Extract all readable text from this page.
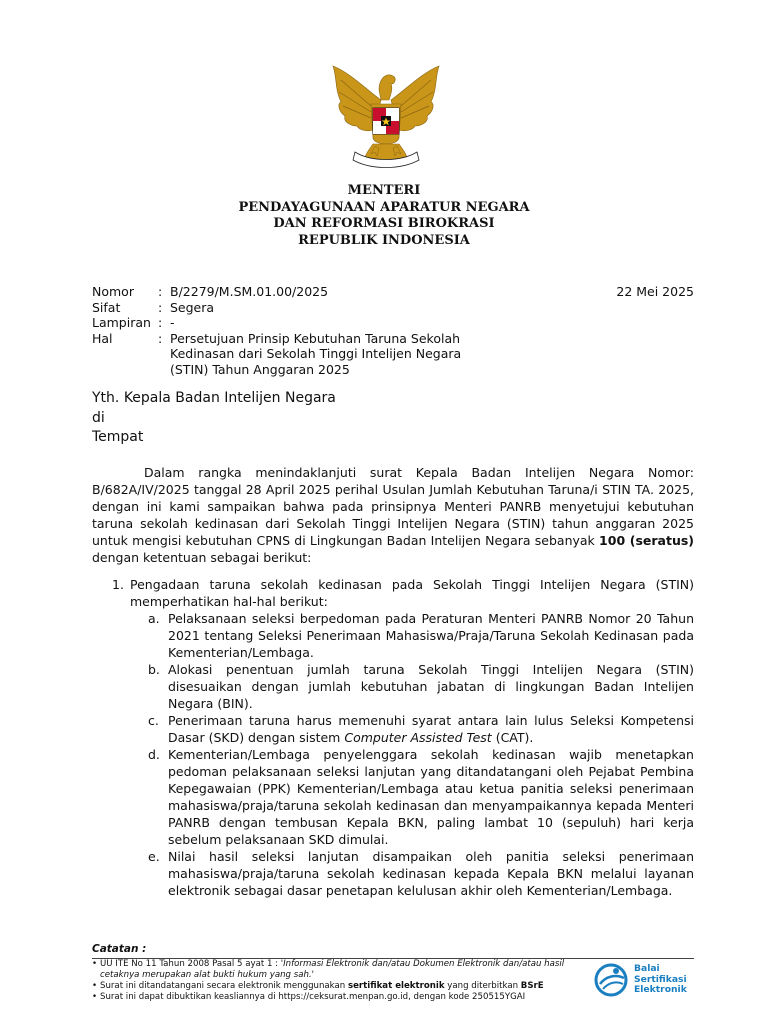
MENTERI
PENDAYAGUNAAN APARATUR NEGARA
DAN REFORMASI BIROKRASI
REPUBLIK INDONESIA
Nomor	: B/2279/M.SM.01.00/2025
Sifat	: Segera
Lampiran : -
Hal	: Persetujuan Prinsip Kebutuhan Taruna Sekolah Kedinasan dari Sekolah Tinggi Intelijen Negara (STIN) Tahun Anggaran 2025
22 Mei 2025
Yth. Kepala Badan Intelijen Negara
di
Tempat

Dalam rangka menindaklanjuti surat Kepala Badan Intelijen Negara Nomor: B/682A/IV/2025 tanggal 28 April 2025 perihal Usulan Jumlah Kebutuhan Taruna/i STIN TA. 2025, dengan ini kami sampaikan bahwa pada prinsipnya Menteri PANRB menyetujui kebutuhan taruna sekolah kedinasan dari Sekolah Tinggi Intelijen Negara (STIN) tahun anggaran 2025 untuk mengisi kebutuhan CPNS di Lingkungan Badan Intelijen Negara sebanyak 100 (seratus) dengan ketentuan sebagai berikut:

1. Pengadaan taruna sekolah kedinasan pada Sekolah Tinggi Intelijen Negara (STIN) memperhatikan hal-hal berikut:
a. Pelaksanaan seleksi berpedoman pada Peraturan Menteri PANRB Nomor 20 Tahun 2021 tentang Seleksi Penerimaan Mahasiswa/Praja/Taruna Sekolah Kedinasan pada Kementerian/Lembaga.
b. Alokasi penentuan jumlah taruna Sekolah Tinggi Intelijen Negara (STIN) disesuaikan dengan jumlah kebutuhan jabatan di lingkungan Badan Intelijen Negara (BIN).
c. Penerimaan taruna harus memenuhi syarat antara lain lulus Seleksi Kompetensi Dasar (SKD) dengan sistem Computer Assisted Test (CAT).
d. Kementerian/Lembaga penyelenggara sekolah kedinasan wajib menetapkan pedoman pelaksanaan seleksi lanjutan yang ditandatangani oleh Pejabat Pembina Kepegawaian (PPK) Kementerian/Lembaga atau ketua panitia seleksi penerimaan mahasiswa/praja/taruna sekolah kedinasan dan menyampaikannya kepada Menteri PANRB dengan tembusan Kepala BKN, paling lambat 10 (sepuluh) hari kerja sebelum pelaksanaan SKD dimulai.
e. Nilai hasil seleksi lanjutan disampaikan oleh panitia seleksi penerimaan mahasiswa/praja/taruna sekolah kedinasan kepada Kepala BKN melalui layanan elektronik sebagai dasar penetapan kelulusan akhir oleh Kementerian/Lembaga.
Catatan :
• UU ITE No 11 Tahun 2008 Pasal 5 ayat 1 : 'Informasi Elektronik dan/atau Dokumen Elektronik dan/atau hasil cetaknya merupakan alat bukti hukum yang sah.'
• Surat ini ditandatangani secara elektronik menggunakan sertifikat elektronik yang diterbitkan BSrE
• Surat ini dapat dibuktikan keasliannya di https://ceksurat.menpan.go.id, dengan kode 250515YGAI
Balai
Sertifikasi
Elektronik
